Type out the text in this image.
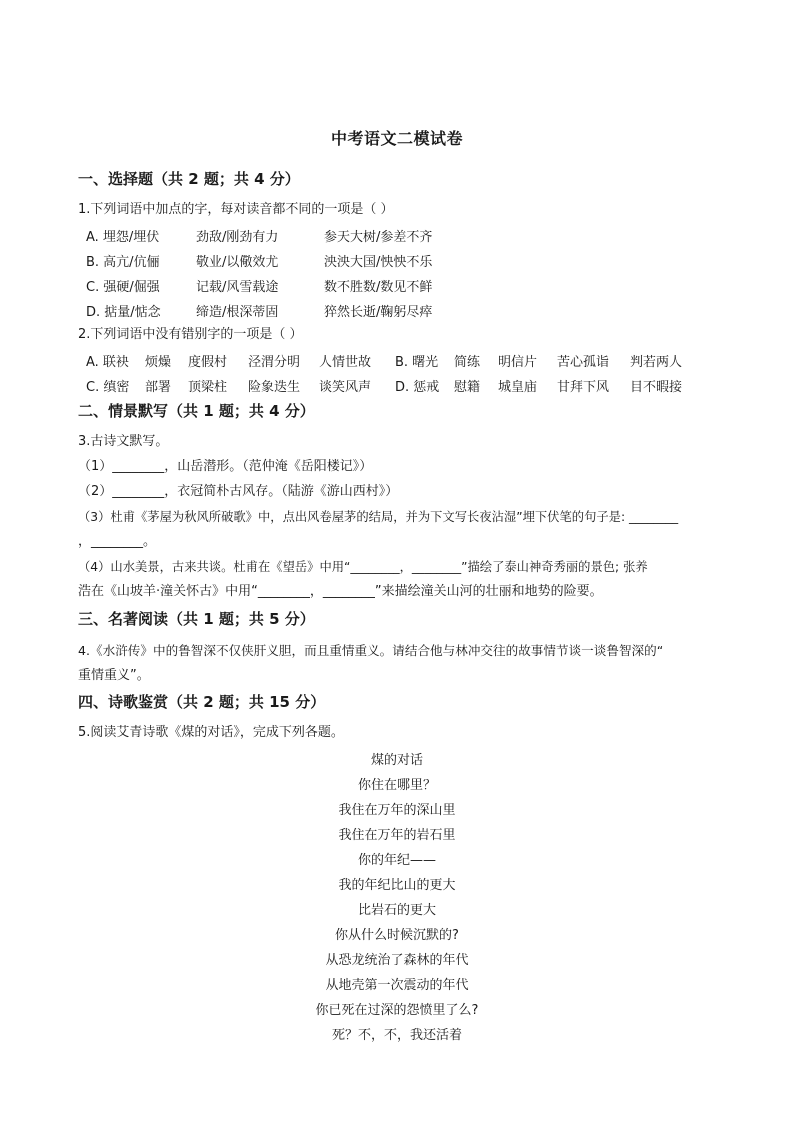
中考语文二模试卷
一、选择题（共 2 题；共 4 分）
1.下列词语中加点的字，每对读音都不同的一项是（ ）
A. 埋怨/埋伏	劲敌/刚劲有力	参天大树/参差不齐
B. 高亢/伉俪	敬业/以儆效尤	泱泱大国/怏怏不乐
C. 强硬/倔强	记载/风雪载途	数不胜数/数见不鲜
D. 掂量/惦念	缔造/根深蒂固	猝然长逝/鞠躬尽瘁
2.下列词语中没有错别字的一项是（ ）
A. 联袂 烦燥 度假村 泾渭分明 人情世故 B. 曙光 简练 明信片 苦心孤诣 判若两人
C. 缜密 部署 顶梁柱 险象迭生 谈笑风声 D. 惩戒 慰籍 城皇庙 甘拜下风 目不暇接
二、情景默写（共 1 题；共 4 分）
3.古诗文默写。
（1）________，山岳潜形。（范仲淹《岳阳楼记》）
（2）________，衣冠简朴古风存。（陆游《游山西村》）
（3）杜甫《茅屋为秋风所破歌》中，点出风卷屋茅的结局，并为下文写长夜沾湿”埋下伏笔的句子是: ________
，________。
（4）山水美景，古来共谈。杜甫在《望岳》中用“________，________”描绘了泰山神奇秀丽的景色; 张养
浩在《山坡羊·潼关怀古》中用“________，________”来描绘潼关山河的壮丽和地势的险要。
三、名著阅读（共 1 题；共 5 分）
4.《水浒传》中的鲁智深不仅侠肝义胆，而且重情重义。请结合他与林冲交往的故事情节谈一谈鲁智深的“
重情重义”。
四、诗歌鉴赏（共 2 题；共 15 分）
5.阅读艾青诗歌《煤的对话》，完成下列各题。
煤的对话
你住在哪里？
我住在万年的深山里
我住在万年的岩石里
你的年纪——
我的年纪比山的更大
比岩石的更大
你从什么时候沉默的?
从恐龙统治了森林的年代
从地壳第一次震动的年代
你已死在过深的怨愤里了么?
死？不，不，我还活着
